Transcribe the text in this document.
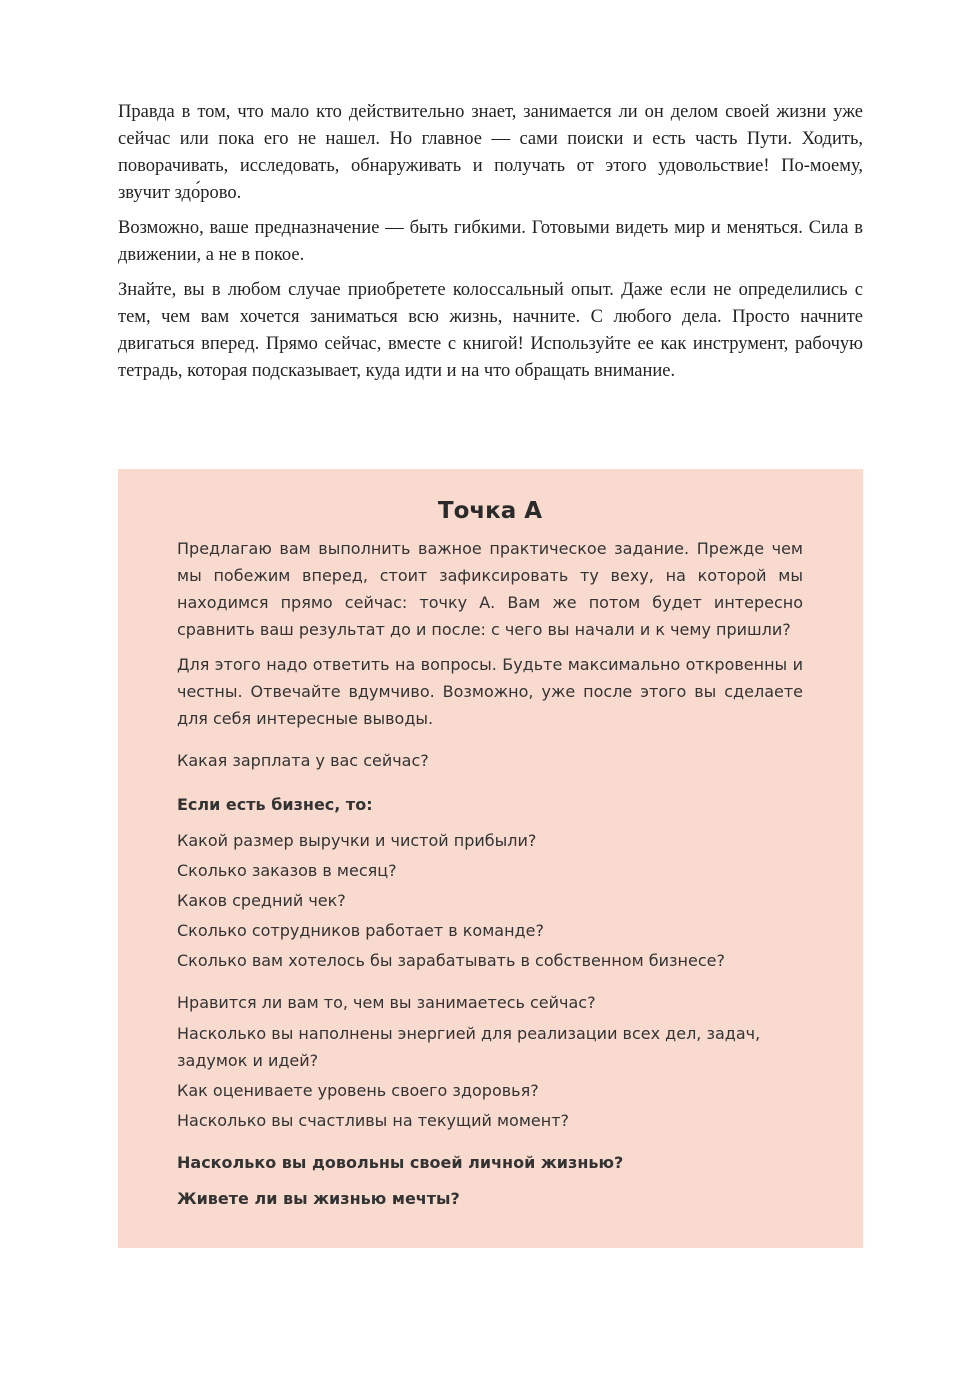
Правда в том, что мало кто действительно знает, занимается ли он делом своей жизни уже сейчас или пока его не нашел. Но главное — сами поиски и есть часть Пути. Ходить, поворачивать, исследовать, обнаруживать и получать от этого удовольствие! По-моему, звучит здо́рово.

Возможно, ваше предназначение — быть гибкими. Готовыми видеть мир и меняться. Сила в движении, а не в покое.

Знайте, вы в любом случае приобретете колоссальный опыт. Даже если не определились с тем, чем вам хочется заниматься всю жизнь, начните. С любого дела. Просто начните двигаться вперед. Прямо сейчас, вместе с книгой! Используйте ее как инструмент, рабочую тетрадь, которая подсказывает, куда идти и на что обращать внимание.

Точка А

Предлагаю вам выполнить важное практическое задание. Прежде чем мы побежим вперед, стоит зафиксировать ту веху, на которой мы находимся прямо сейчас: точку А. Вам же потом будет интересно сравнить ваш результат до и после: с чего вы начали и к чему пришли?

Для этого надо ответить на вопросы. Будьте максимально откровенны и честны. Отвечайте вдумчиво. Возможно, уже после этого вы сделаете для себя интересные выводы.

Какая зарплата у вас сейчас?

Если есть бизнес, то:

Какой размер выручки и чистой прибыли?

Сколько заказов в месяц?

Каков средний чек?

Сколько сотрудников работает в команде?

Сколько вам хотелось бы зарабатывать в собственном бизнесе?

Нравится ли вам то, чем вы занимаетесь сейчас?

Насколько вы наполнены энергией для реализации всех дел, задач, задумок и идей?

Как оцениваете уровень своего здоровья?

Насколько вы счастливы на текущий момент?

Насколько вы довольны своей личной жизнью?

Живете ли вы жизнью мечты?
